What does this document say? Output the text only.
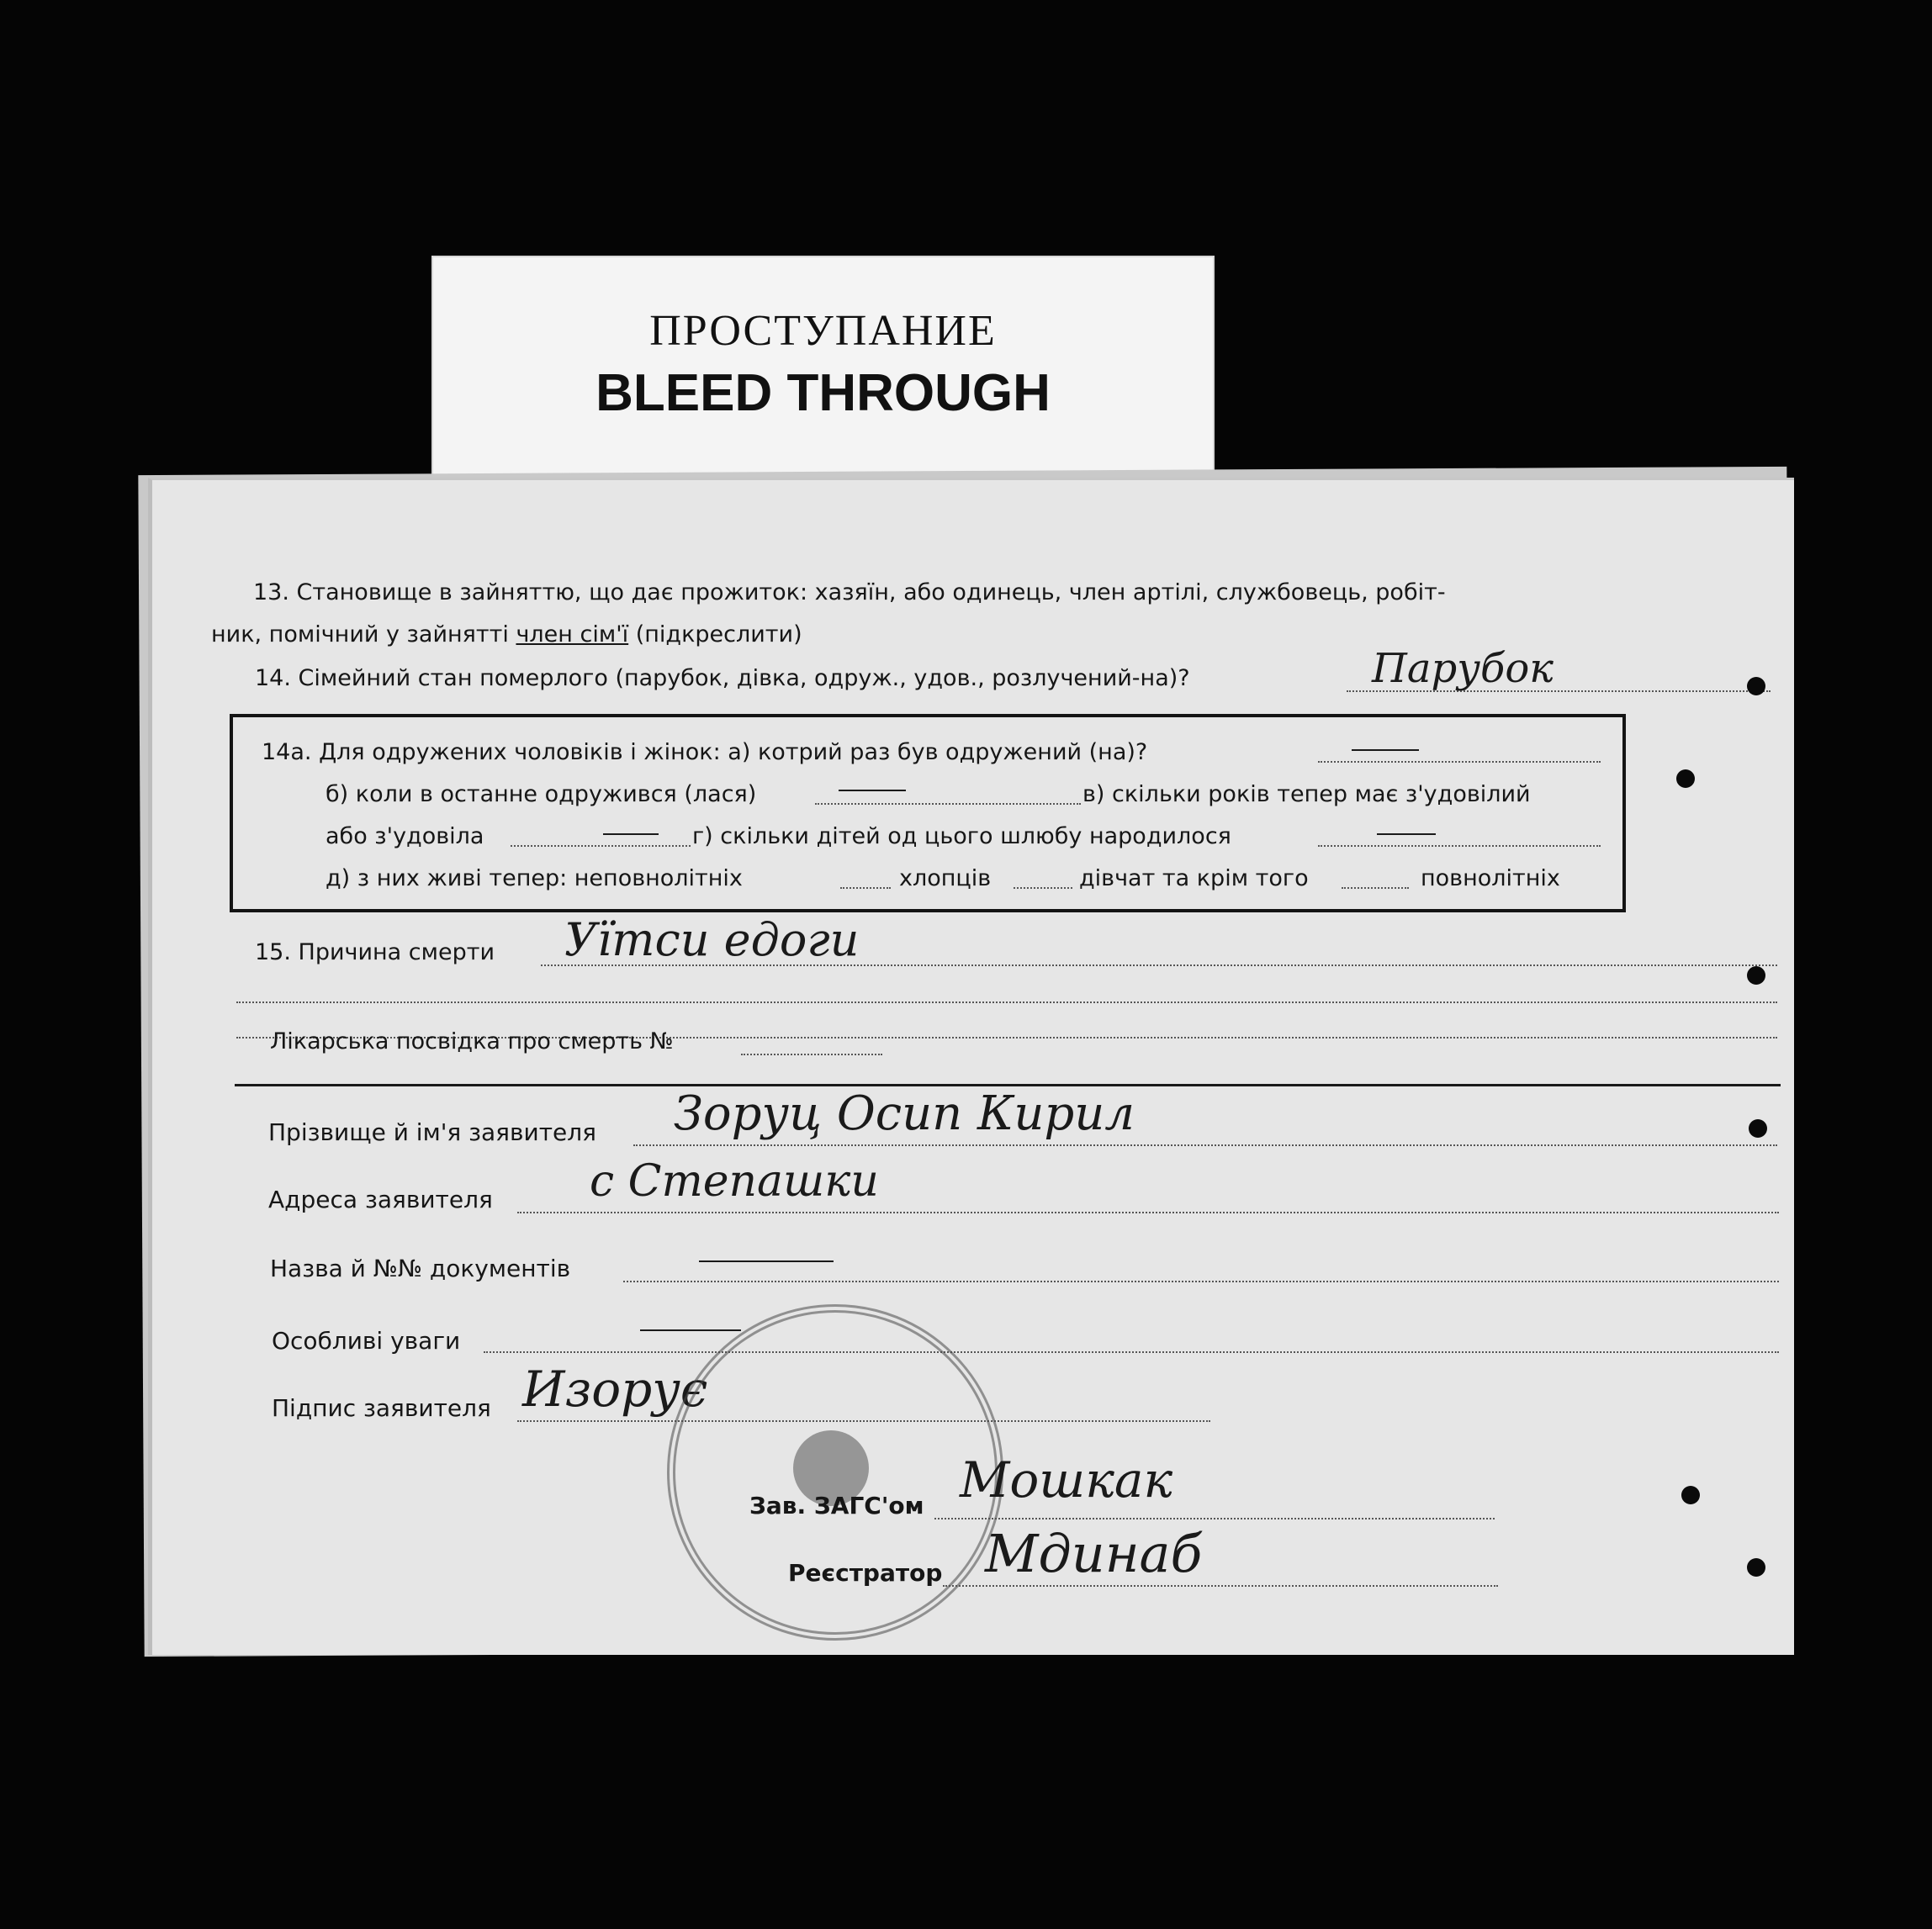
ПРОСТУПАНИЕ
BLEED THROUGH
13. Становище в зайняттю, що дає прожиток: хазяїн, або одинець, член артілі, службовець, робіт-
ник, помічний у зайнятті член сім'ї (підкреслити)
14. Сімейний стан померлого (парубок, дівка, одруж., удов., розлучений-на)?	Парубок
14а. Для одружених чоловіків і жінок: а) котрий раз був одружений (на)?
б) коли в останне одружився (лася)	в) скільки років тепер має з'удовілий
або з'удовіла	г) скільки дітей од цього шлюбу народилося
д) з них живі тепер: неповнолітніх	хлопців	дівчат та крім того	повнолітніх
15. Причина смерти Уїтси едоги
Лікарська посвідка про смерть №
Прізвище й ім'я заявителя Зоруц Осип Кирил
Адреса заявителя с Степашки
Назва й №№ документів
Особливі уваги
Підпис заявителя Изорує
Зав. ЗАГС'ом Мошкак
Реєстратор Мдинаб
